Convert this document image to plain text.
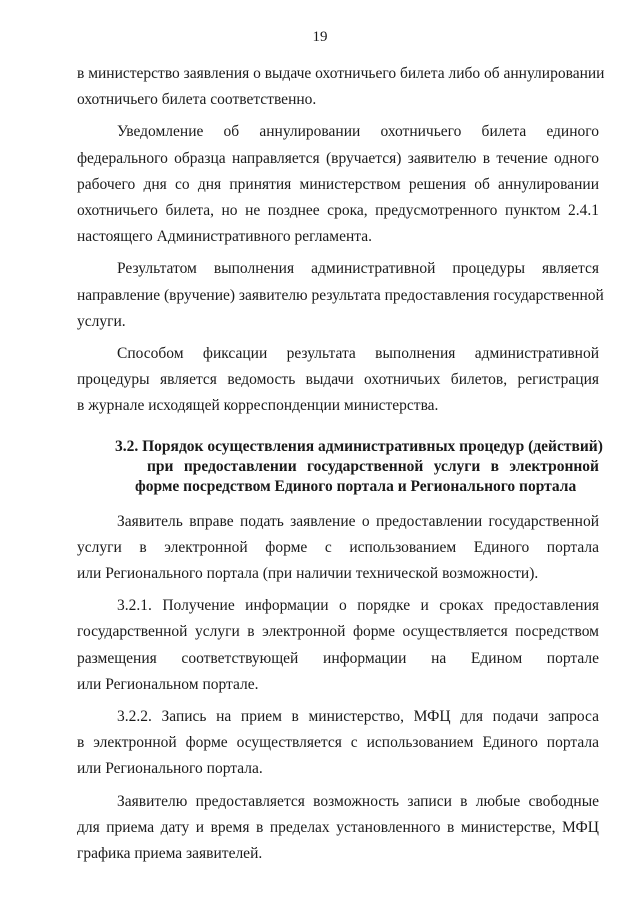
19

в министерство заявления о выдаче охотничьего билета либо об аннулировании
охотничьего билета соответственно.

Уведомление об аннулировании охотничьего билета единого
федерального образца направляется (вручается) заявителю в течение одного
рабочего дня со дня принятия министерством решения об аннулировании
охотничьего билета, но не позднее срока, предусмотренного пунктом 2.4.1
настоящего Административного регламента.

Результатом выполнения административной процедуры является
направление (вручение) заявителю результата предоставления государственной
услуги.

Способом фиксации результата выполнения административной
процедуры является ведомость выдачи охотничьих билетов, регистрация
в журнале исходящей корреспонденции министерства.

3.2. Порядок осуществления административных процедур (действий)
при предоставлении государственной услуги в электронной
форме посредством Единого портала и Регионального портала

Заявитель вправе подать заявление о предоставлении государственной
услуги в электронной форме с использованием Единого портала
или Регионального портала (при наличии технической возможности).

3.2.1. Получение информации о порядке и сроках предоставления
государственной услуги в электронной форме осуществляется посредством
размещения соответствующей информации на Едином портале
или Региональном портале.

3.2.2. Запись на прием в министерство, МФЦ для подачи запроса
в электронной форме осуществляется с использованием Единого портала
или Регионального портала.

Заявителю предоставляется возможность записи в любые свободные
для приема дату и время в пределах установленного в министерстве, МФЦ
графика приема заявителей.
